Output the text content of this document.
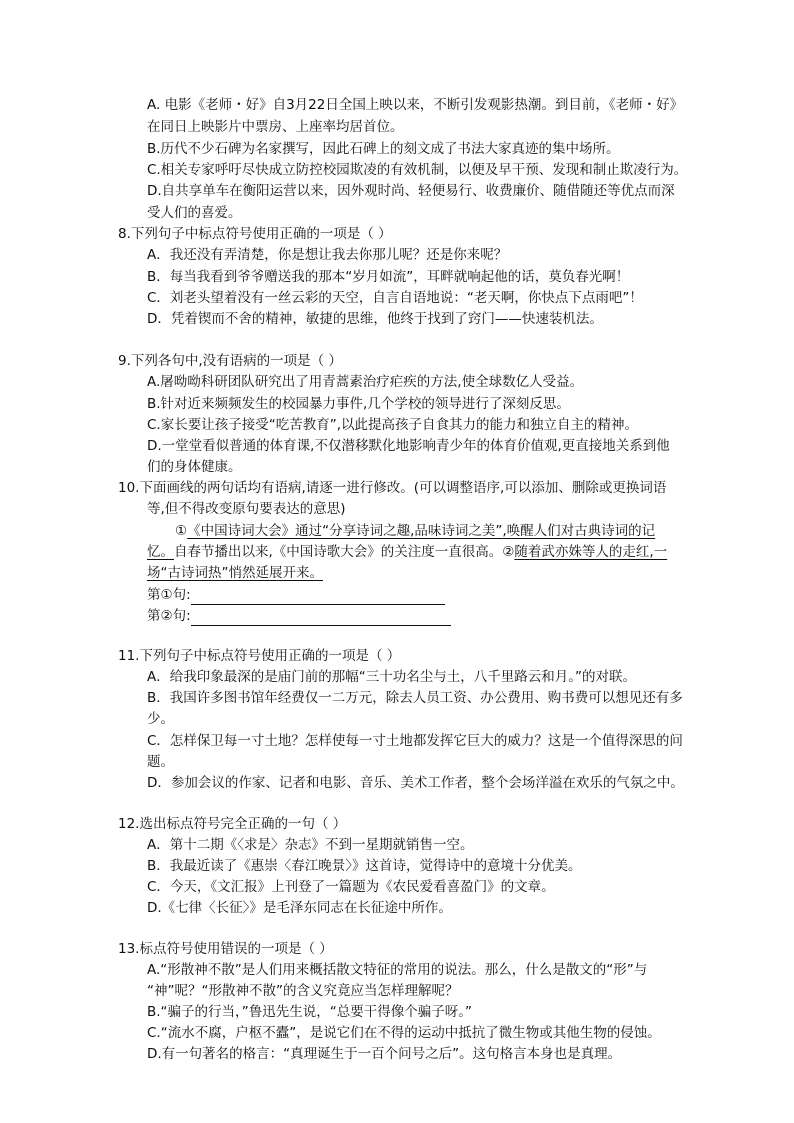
A. 电影《老师・好》自3月22日全国上映以来，不断引发观影热潮。到目前，《老师・好》
在同日上映影片中票房、上座率均居首位。
B.历代不少石碑为名家撰写，因此石碑上的刻文成了书法大家真迹的集中场所。
C.相关专家呼吁尽快成立防控校园欺凌的有效机制，以便及早干预、发现和制止欺凌行为。
D.自共享单车在衡阳运营以来，因外观时尚、轻便易行、收费廉价、随借随还等优点而深
受人们的喜爱。
8.下列句子中标点符号使用正确的一项是（ ）
A．我还没有弄清楚，你是想让我去你那儿呢？还是你来呢？
B．每当我看到爷爷赠送我的那本“岁月如流”，耳畔就响起他的话，莫负春光啊！
C．刘老头望着没有一丝云彩的天空，自言自语地说：“老天啊，你快点下点雨吧”！
D．凭着锲而不舍的精神，敏捷的思维，他终于找到了窍门——快速装机法。
9.下列各句中,没有语病的一项是（ ）
A.屠呦呦科研团队研究出了用青蒿素治疗疟疾的方法,使全球数亿人受益。
B.针对近来频频发生的校园暴力事件,几个学校的领导进行了深刻反思。
C.家长要让孩子接受“吃苦教育”,以此提高孩子自食其力的能力和独立自主的精神。
D.一堂堂看似普通的体育课,不仅潜移默化地影响青少年的体育价值观,更直接地关系到他
们的身体健康。
10.下面画线的两句话均有语病,请逐一进行修改。(可以调整语序,可以添加、删除或更换词语
等,但不得改变原句要表达的意思)
①《中国诗词大会》通过“分享诗词之趣,品味诗词之美”,唤醒人们对古典诗词的记
忆。自春节播出以来,《中国诗歌大会》的关注度一直很高。②随着武亦姝等人的走红,一
场“古诗词热”悄然延展开来。
第①句:
第②句:
11.下列句子中标点符号使用正确的一项是（ ）
A．给我印象最深的是庙门前的那幅“三十功名尘与土，八千里路云和月。”的对联。
B．我国许多图书馆年经费仅一二万元，除去人员工资、办公费用、购书费可以想见还有多
少。
C．怎样保卫每一寸土地？怎样使每一寸土地都发挥它巨大的威力？这是一个值得深思的问
题。
D．参加会议的作家、记者和电影、音乐、美术工作者，整个会场洋溢在欢乐的气氛之中。
12.选出标点符号完全正确的一句（ ）
A．第十二期《〈求是〉杂志》不到一星期就销售一空。
B．我最近读了《惠崇〈春江晚景〉》这首诗，觉得诗中的意境十分优美。
C．今天，《文汇报》上刊登了一篇题为《农民爱看喜盈门》的文章。
D.《七律〈长征〉》是毛泽东同志在长征途中所作。
13.标点符号使用错误的一项是（ ）
A.“形散神不散”是人们用来概括散文特征的常用的说法。那么，什么是散文的“形”与
“神”呢？“形散神不散”的含义究竟应当怎样理解呢？
B.“骗子的行当，”鲁迅先生说，“总要干得像个骗子呀。”
C.“流水不腐，户枢不蠹”，是说它们在不得的运动中抵抗了微生物或其他生物的侵蚀。
D.有一句著名的格言：“真理诞生于一百个问号之后”。这句格言本身也是真理。
